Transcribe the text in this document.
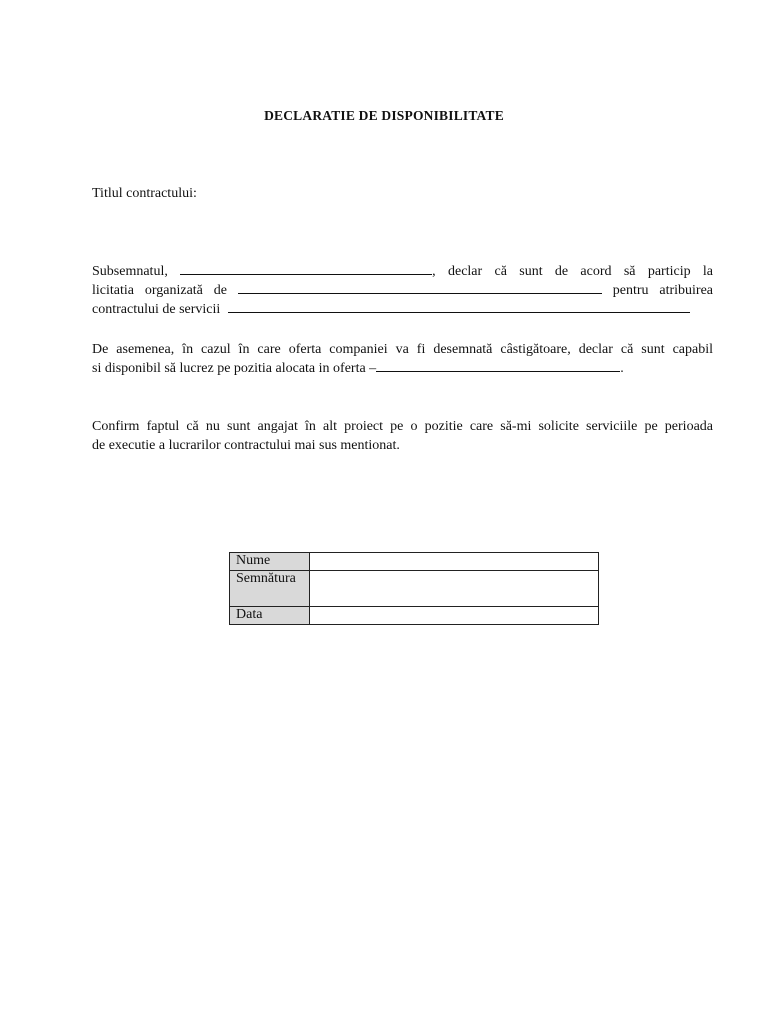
DECLARATIE DE DISPONIBILITATE
Titlul contractului:
Subsemnatul,	, declar că sunt de acord să particip la
licitatia organizată de	pentru atribuirea
contractului de servicii
De asemenea, în cazul în care oferta companiei va fi desemnată câstigătoare, declar că sunt capabil
si disponibil să lucrez pe pozitia alocata in oferta –	.
Confirm faptul că nu sunt angajat în alt proiect pe o pozitie care să-mi solicite serviciile pe perioada
de executie a lucrarilor contractului mai sus mentionat.
Nume	
Semnătura	
Data	
